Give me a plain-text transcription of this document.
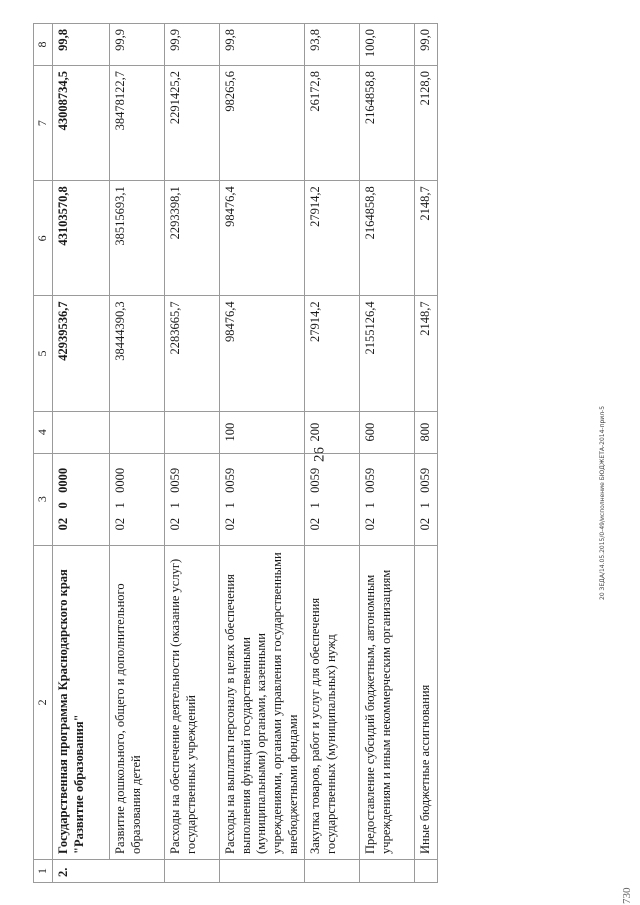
26	20 ЗЕДА/14.05.2015/0-49/исполнение БЮДЖЕТА-2014-прил-5
730
1	2	3	4	5	6	7	8
2.	Государственная программа Краснодарского края "Развитие образования"	02   0   0000		42939536,7	43103570,8	43008734,5	99,8
	Развитие дошкольного, общего и дополнительного образования детей	02   1   0000		38444390,3	38515693,1	38478122,7	99,9
	Расходы на обеспечение деятельности (оказание услуг) государственных учреждений	02   1   0059		2283665,7	2293398,1	2291425,2	99,9
	Расходы на выплаты персоналу в целях обеспечения выполнения функций государственными (муниципальными) органами, казенными учреждениями, органами управления государственными внебюджетными фондами	02   1   0059	100	98476,4	98476,4	98265,6	99,8
	Закупка товаров, работ и услуг для обеспечения государственных (муниципальных) нужд	02   1   0059	200	27914,2	27914,2	26172,8	93,8
	Предоставление субсидий бюджетным, автономным учреждениям и иным некоммерческим организациям	02   1   0059	600	2155126,4	2164858,8	2164858,8	100,0
	Иные бюджетные ассигнования	02   1   0059	800	2148,7	2148,7	2128,0	99,0
